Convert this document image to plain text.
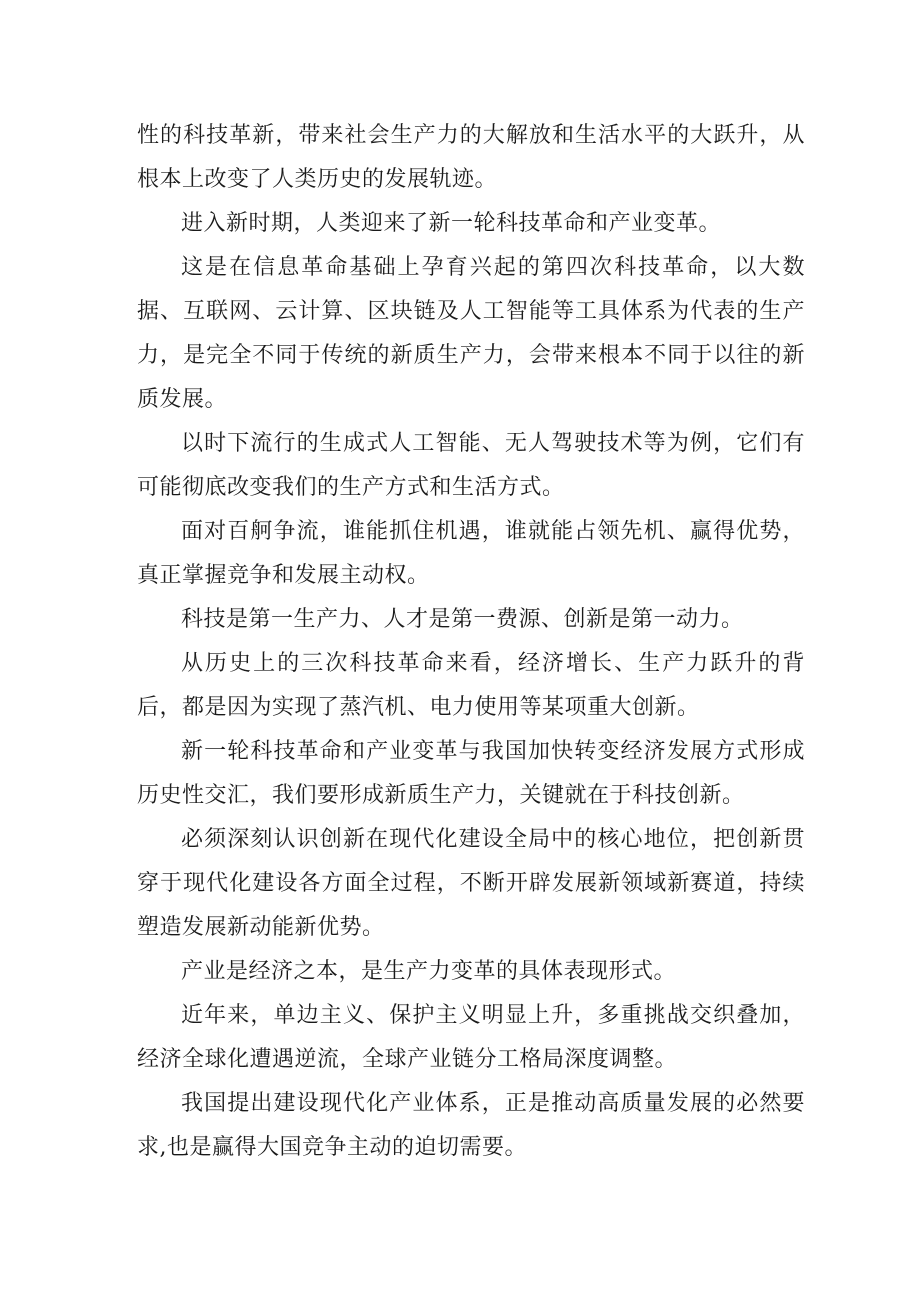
性的科技革新，带来社会生产力的大解放和生活水平的大跃升，从根本上改变了人类历史的发展轨迹。

进入新时期，人类迎来了新一轮科技革命和产业变革。

这是在信息革命基础上孕育兴起的第四次科技革命，以大数据、互联网、云计算、区块链及人工智能等工具体系为代表的生产力，是完全不同于传统的新质生产力，会带来根本不同于以往的新质发展。

以时下流行的生成式人工智能、无人驾驶技术等为例，它们有可能彻底改变我们的生产方式和生活方式。

面对百舸争流，谁能抓住机遇，谁就能占领先机、赢得优势，真正掌握竞争和发展主动权。

科技是第一生产力、人才是第一费源、创新是第一动力。

从历史上的三次科技革命来看，经济增长、生产力跃升的背后，都是因为实现了蒸汽机、电力使用等某项重大创新。

新一轮科技革命和产业变革与我国加快转变经济发展方式形成历史性交汇，我们要形成新质生产力，关键就在于科技创新。

必须深刻认识创新在现代化建设全局中的核心地位，把创新贯穿于现代化建设各方面全过程，不断开辟发展新领域新赛道，持续塑造发展新动能新优势。

产业是经济之本，是生产力变革的具体表现形式。

近年来，单边主义、保护主义明显上升，多重挑战交织叠加，经济全球化遭遇逆流，全球产业链分工格局深度调整。

我国提出建设现代化产业体系，正是推动高质量发展的必然要求,也是赢得大国竞争主动的迫切需要。
